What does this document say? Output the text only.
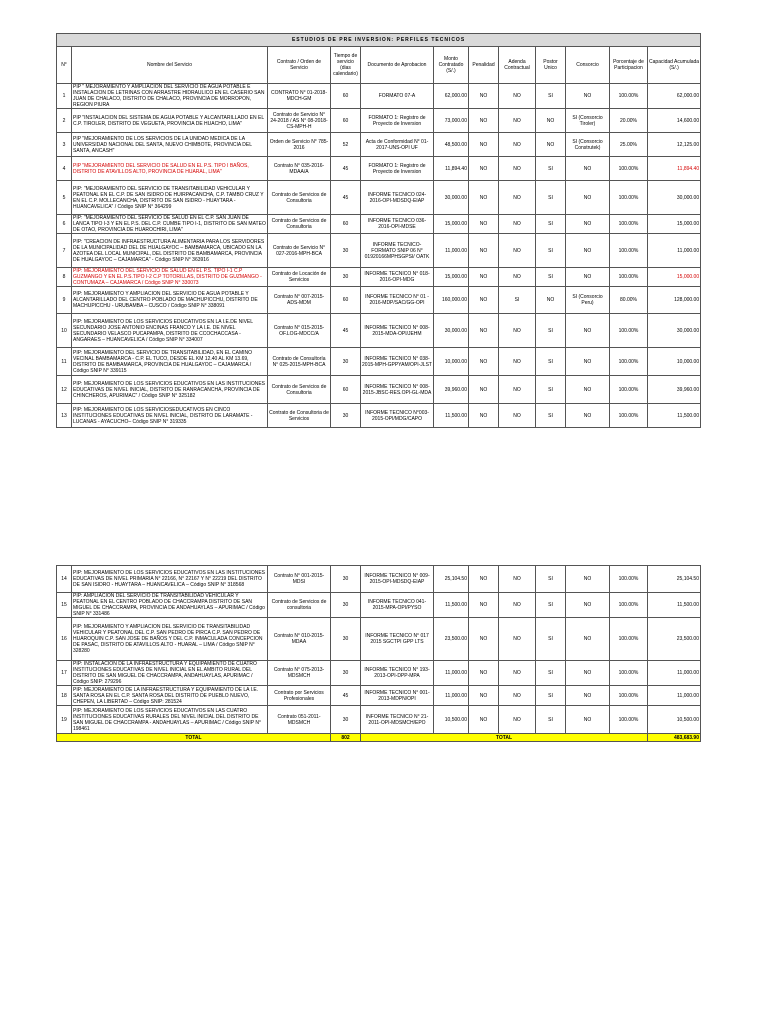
ESTUDIOS DE PRE INVERSION: PERFILES TECNICOS											
N°	Nombre del Servicio	Contrato / Orden de Servicio	Tiempo de servicio (dias calendario)	Documento de Aprobacion	Monto Contratado (S/.)	Penalidad	Adenda Contractual	Postor Unico	Consorcio	Porcentaje de Participacion	Capacidad Acumulada (S/.)
1	PIP " MEJORAMIENTO Y AMPLIACION DEL SERVICIO DE AGUA POTABLE E INSTALACION DE LETRINAS CON ARRASTRE HIDRAULICO EN EL CASERIO SAN JUAN DE CHALACO, DISTRITO DE CHALACO, PROVINCIA DE MORROPON, REGION PIURA	CONTRATO N° 01-2018-MDCH-GM	60	FORMATO 07-A	62,000.00	NO	NO	SI	NO	100.00%	62,000.00
2	PIP "INSTALACION DEL SISTEMA DE AGUA POTABLE Y ALCANTARILLADO EN EL C.P. TIROLER, DISTRITO DE VEGUETA, PROVINCIA DE HUACHO, LIMA"	Contrato de Servicio N° 24-2018 / AS N° 08-2018-CS-MPH-H	60	FORMATO 1: Registro de Proyecto de Inversion	73,000.00	NO	NO	NO	SI (Consorcio Tiroler)	20.00%	14,600.00
3	PIP "MEJORAMIENTO DE LOS SERVICIOS DE LA UNIDAD MEDICA DE LA UNIVERSIDAD NACIONAL DEL SANTA, NUEVO CHIMBOTE, PROVINCIA DEL SANTA, ANCASH"	Orden de Servicio N° 785-2016	52	Acta de Conformidad N° 01-2017-UNS-OPI UF	48,500.00	NO	NO	NO	SI (Consorcio Construtek)	25.00%	12,125.00
4	PIP "MEJORAMIENTO DEL SERVICIO DE SALUD EN EL P.S. TIPO I BAÑOS, DISTRITO DE ATAVILLOS ALTO, PROVINCIA DE HUARAL, LIMA"	Contrato N° 035-2016-MDAA/A	45	FORMATO 1: Registro de Proyecto de Inversion	11,894.40	NO	NO	SI	NO	100.00%	11,894.40
5	PIP: "MEJORAMIENTO DEL SERVICIO DE TRANSITABILIDAD VEHICULAR Y PEATONAL EN EL C.P. DE SAN ISIDRO DE HUIRPACANCHA, C.P. TAMBO CRUZ Y EN EL C.P. MOLLECANCHA, DISTRITO DE SAN ISIDRO - HUAYTARA - HUANCAVELICA" / Código SNIP N° 364299	Contrato de Servicios de Consultoria	45	INFORME TECNICO 024-2016-OPI-MDSDQ-EIAP	30,000.00	NO	NO	SI	NO	100.00%	30,000.00
6	PIP: "MEJORAMIENTO DEL SERVICIO DE SALUD EN EL C.P. SAN JUAN DE LANCA TIPO I-3 Y EN EL P.S. DEL C.P. CUMBE TIPO I-1, DISTRITO DE SAN MATEO DE OTAO, PROVINCIA DE HUAROCHIRI, LIMA"	Contrato de Servicios de Consultoria	60	INFORME TECNICO 036-2016-OPI-MDSE	15,000.00	NO	NO	SI	NO	100.00%	15,000.00
7	PIP: "CREACION DE INFRAESTRUCTURA ALIMENTARIA PARA LOS SERVIDORES DE LA MUNICIPALIDAD DEL DE HUALGAYOC – BAMBAMARCA, UBICADO EN LA AZOTEA DEL LOCAL MUNICIPAL, DEL DISTRITO DE BAMBAMARCA, PROVINCIA DE HUALGAYOC – CAJAMARCA" - Código SNIP N° 363916	Contrato de Servicio N° 027-2016-MPH-BCA	30	INFORME TECNICO- FORMATO SNIP 06 N° 01920166MPHSGPSI/ OATK	11,000.00	NO	NO	SI	NO	100.00%	11,000.00
8	PIP: MEJORAMIENTO DEL SERVICIO DE SALUD EN EL P.S. TIPO I-1 C.P GUZMANGO Y EN EL P.S.TIPO I-2 C.P TOTORILLAS, DISTRITO DE GUZMANGO - CONTUMAZA – CAJAMARCA / Código SNIP N° 330073	Contrato de Locación de Servicios	30	INFORME TECNICO N° 018-2016-OPI-MDG	15,000.00	NO	NO	SI	NO	100.00%	15,000.00
9	PIP: MEJORAMIENTO Y AMPLIACION DEL SERVICIO DE AGUA POTABLE Y ALCANTARILLADO DEL CENTRO POBLADO DE MACHUPICCHU, DISTRITO DE MACHUPICCHU - URUBAMBA – CUSCO / Código SNIP N° 338091	Contrato N° 007-2015-ADS-MDM	60	INFORME TECNICO N° 01 - 2016-MDP/SAC/GG-OPI	160,000.00	NO	SI	NO	SI (Consorcio Peru)	80.00%	128,000.00
10	PIP: MEJORAMIENTO DE LOS SERVICIOS EDUCATIVOS EN LA I.E.DE NIVEL SECUNDARIO JOSE ANTONIO ENCINAS FRANCO Y LA I.E. DE NIVEL SECUNDARIO VELASCO PUCAPAMPA, DISTRITO DE CCOCHACCASA - ANGARAES – HUANCAVELICA / Código SNIP N° 334007	Contrato N° 015-2015-OF.LOG-MDCC/A	45	INFORME TECNICO N° 008-2015-MDA-OPI/JEHM	30,000.00	NO	NO	SI	NO	100.00%	30,000.00
11	PIP: MEJORAMIENTO DEL SERVICIO DE TRANSITABILIDAD, EN EL CAMINO VECINAL BAMBAMARCA - C.P. EL TUCO, DESDE EL KM 12.40 AL KM 13.69, DISTRITO DE BAMBAMARCA, PROVINCIA DE HUALGAYOC – CAJAMARCA / Código SNIP N° 339115	Contrato de Consultoría N° 025-2015-MPH-BCA	30	INFORME TECNICO N° 038-2015-MPH-GPPYAM/OPI-JLST	10,000.00	NO	NO	SI	NO	100.00%	10,000.00
12	PIP: MEJORAMIENTO DE LOS SERVICIOS EDUCATIVOS EN LAS INSTITUCIONES EDUCATIVAS DE NIVEL INICIAL, DISTRITO DE RANRACANCHA, PROVINCIA DE CHINCHEROS, APURIMAC" / Código SNIP N° 325182	Contrato de Servicios de Consultoria	60	INFORME TECNICO N° 008-2015-JBSC-RES.OPI-GL-MDA	39,960.00	NO	NO	SI	NO	100.00%	39,960.00
13	PIP: MEJORAMIENTO DE LOS SERVICIOSEDUCATIVOS EN CINCO INSTITUCIONES EDUCATIVAS DE NIVEL INICIAL, DISTRITO DE LARAMATE - LUCANAS - AYACUCHO– Código SNIP N° 319335	Contrato de Consultoria de Servicios	30	INFORME TECNICO N°003-2015-OPI/MDG/CAPO	11,500.00	NO	NO	SI	NO	100.00%	11,500.00
14	PIP: MEJORAMIENTO DE LOS SERVICIOS EDUCATIVOS EN LAS INSTITUCIONES EDUCATIVAS DE NIVEL PRIMARIA N° 22166, N° 22167 Y N° 22219 DEL DISTRITO DE SAN ISIDRO - HUAYTARA – HUANCAVELICA – Código SNIP N° 318568	Contrato N° 001-2015-MDSI	30	INFORME TECNICO N° 009-2015-OPI-MDSDQ-EIAP	25,104.50	NO	NO	SI	NO	100.00%	25,104.50
15	PIP: AMPLIACION DEL SERVICIO DE TRANSITABILIDAD VEHICULAR Y PEATONAL EN EL CENTRO POBLADO DE CHACCRAMPA DISTRITO DE SAN MIGUEL DE CHACCRAMPA, PROVINCIA DE ANDAHUAYLAS – APURIMAC / Código SNIP N° 331486	Contrato de Servicios de consultoria	30	INFORME TECNICO 041-2015-MPA-OPI/PYSO	11,500.00	NO	NO	SI	NO	100.00%	11,500.00
16	PIP: MEJORAMIENTO Y AMPLIACION DEL SERVICIO DE TRANSITABILIDAD VEHICULAR Y PEATONAL DEL C.P. SAN PEDRO DE PIRCA C.P. SAN PEDRO DE HUAROQUIN C.P. SAN JOSE DE BAÑOS Y DEL C.P. INMACULADA CONCEPCION DE PASAC, DISTRITO DE ATAVILLOS ALTO - HUARAL – LIMA / Código SNIP N° 328280	Contrato N° 010-2015-MDAA	30	INFORME TECNICO N° 017 2015 SGCTPI GPP LTS	23,500.00	NO	NO	SI	NO	100.00%	23,500.00
17	PIP: INSTALACIÓN DE LA INFRAESTRUCTURA Y EQUIPAMIENTO DE CUATRO INSTITUCIONES EDUCATIVAS DE NIVEL INICIAL EN EL AMBITO RURAL DEL DISTRITO DE SAN MIGUEL DE CHACCRAMPA, ANDAHUAYLAS, APURIMAC / Código SNIP: 279296	Contrato N° 075-2013-MDSMCH	30	INFORME TECNICO N° 193-2013-OPI-DPP-MPA	11,000.00	NO	NO	SI	NO	100.00%	11,000.00
18	PIP: MEJORAMIENTO DE LA INFRAESTRUCTURA Y EQUIPAMIENTO DE LA I.E. SANTA ROSA EN EL C.P. SANTA ROSA DEL DISTRITO DE PUEBLO NUEVO, CHEPEN, LA LIBERTAD – Código SNIP: 281524	Contrato por Servicios Profesionales	45	INFORME TECNICO N° 001-2013-MDPN/OPI	11,000.00	NO	NO	SI	NO	100.00%	11,000.00
19	PIP: MEJORAMIENTO DE LOS SERVICIOS EDUCATIVOS EN LAS CUATRO INSTITUCIONES EDUCATIVAS RURALES DEL NIVEL INICIAL DEL DISTRITO DE SAN MIGUEL DE CHACCRAMPA - ANDAHUAYLAS – APURIMAC / Código SNIP N° 198461	Contrato 051-2011-MDSMCH	30	INFORME TECNICO N° 21-2011-OPI-MDSMCH/EPO	10,500.00	NO	NO	SI	NO	100.00%	10,500.00
TOTAL			802	TOTAL							483,683.90
